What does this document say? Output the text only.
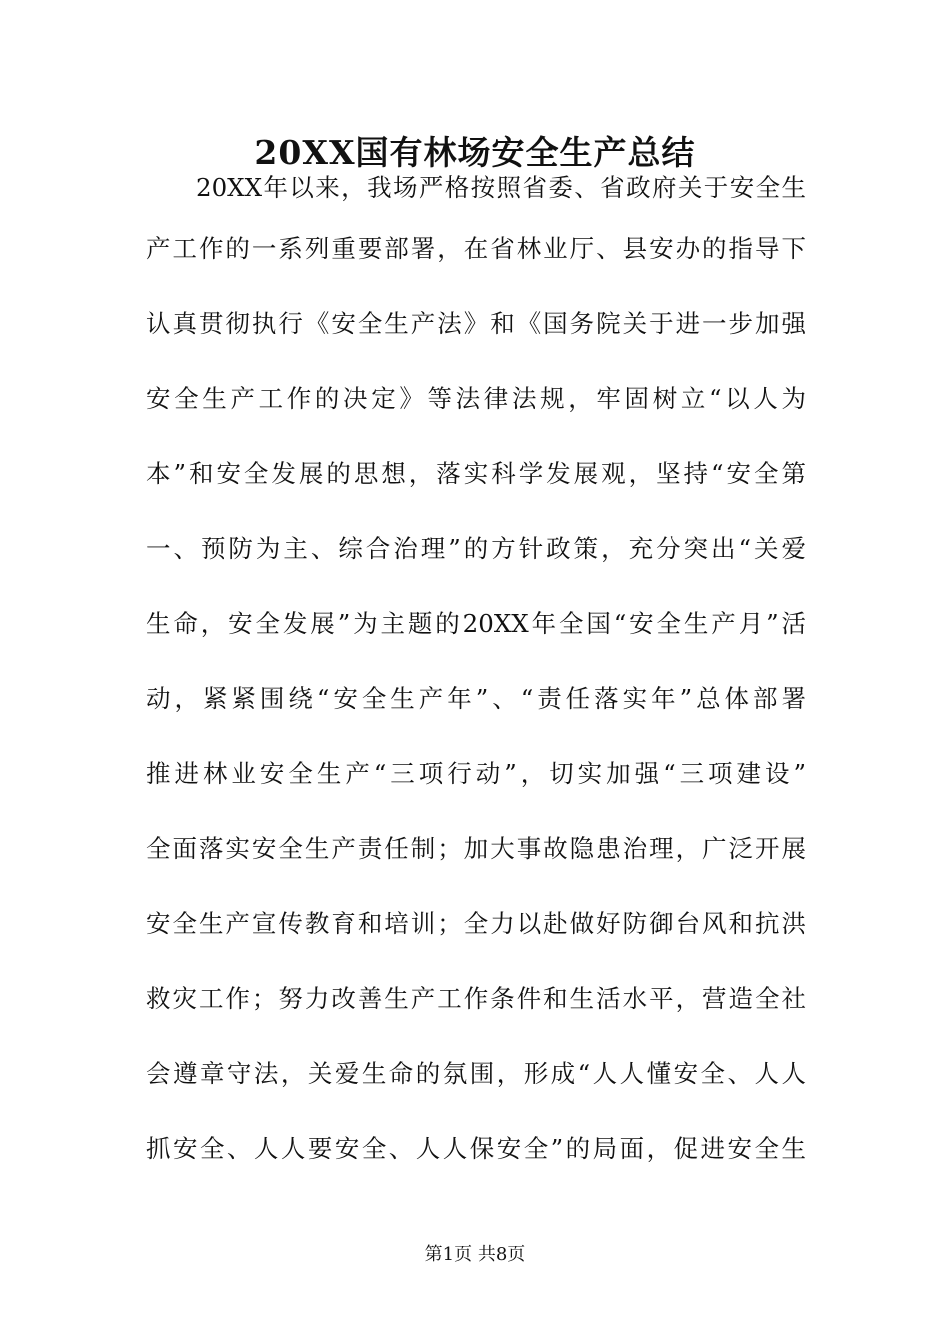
20XX国有林场安全生产总结
20XX年以来，我场严格按照省委、省政府关于安全生
产工作的一系列重要部署，在省林业厅、县安办的指导下
认真贯彻执行《安全生产法》和《国务院关于进一步加强
安全生产工作的决定》等法律法规，牢固树立“以人为
本”和安全发展的思想，落实科学发展观，坚持“安全第
一、预防为主、综合治理”的方针政策，充分突出“关爱
生命，安全发展”为主题的20XX年全国“安全生产月”活
动，紧紧围绕“安全生产年”、“责任落实年”总体部署
推进林业安全生产“三项行动”，切实加强“三项建设”
全面落实安全生产责任制；加大事故隐患治理，广泛开展
安全生产宣传教育和培训；全力以赴做好防御台风和抗洪
救灾工作；努力改善生产工作条件和生活水平，营造全社
会遵章守法，关爱生命的氛围，形成“人人懂安全、人人
抓安全、人人要安全、人人保安全”的局面，促进安全生
第1页 共8页
